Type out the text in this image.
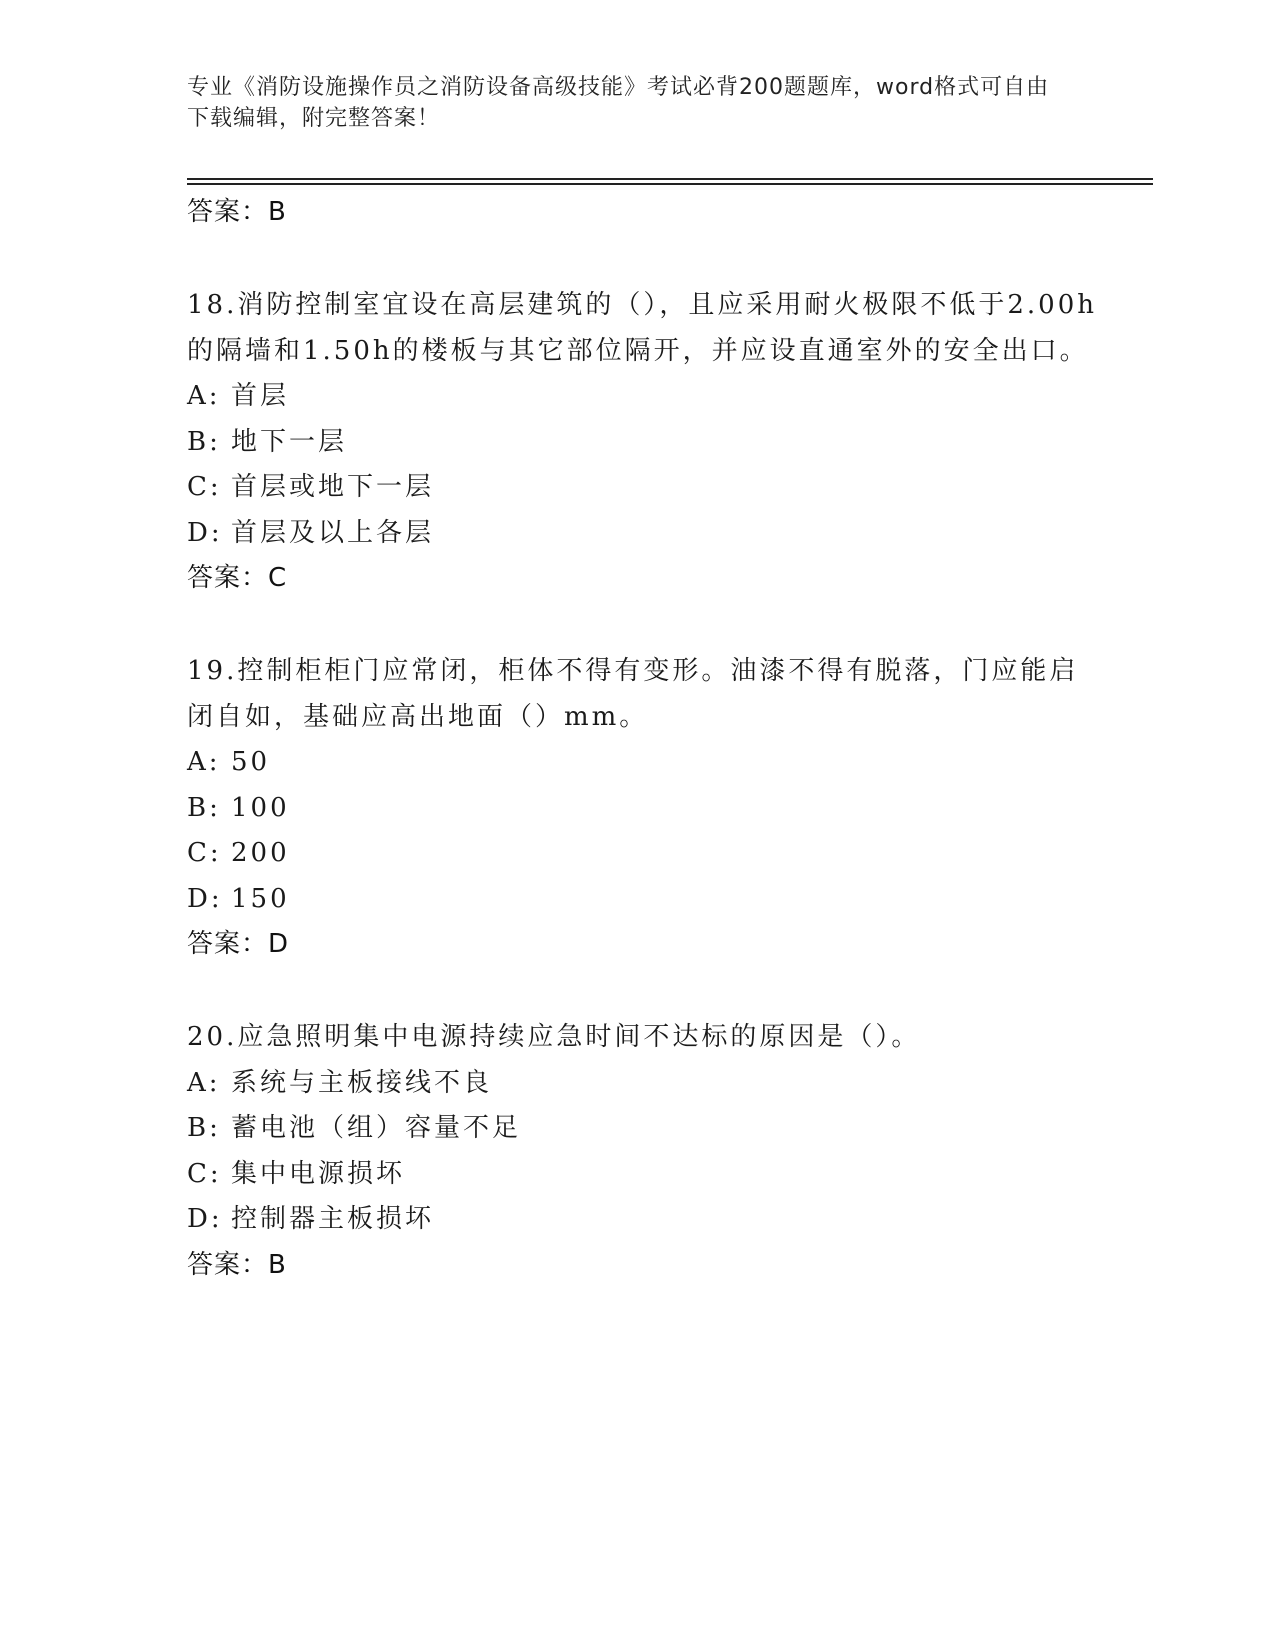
专业《消防设施操作员之消防设备高级技能》考试必背200题题库，word格式可自由下载编辑，附完整答案！
答案：B
18.消防控制室宜设在高层建筑的（），且应采用耐火极限不低于2.00h的隔墙和1.50h的楼板与其它部位隔开，并应设直通室外的安全出口。
A: 首层
B: 地下一层
C: 首层或地下一层
D: 首层及以上各层
答案：C
19.控制柜柜门应常闭，柜体不得有变形。油漆不得有脱落，门应能启闭自如，基础应高出地面（）mm。
A: 50
B: 100
C: 200
D: 150
答案：D
20.应急照明集中电源持续应急时间不达标的原因是（）。
A: 系统与主板接线不良
B: 蓄电池（组）容量不足
C: 集中电源损坏
D: 控制器主板损坏
答案：B
